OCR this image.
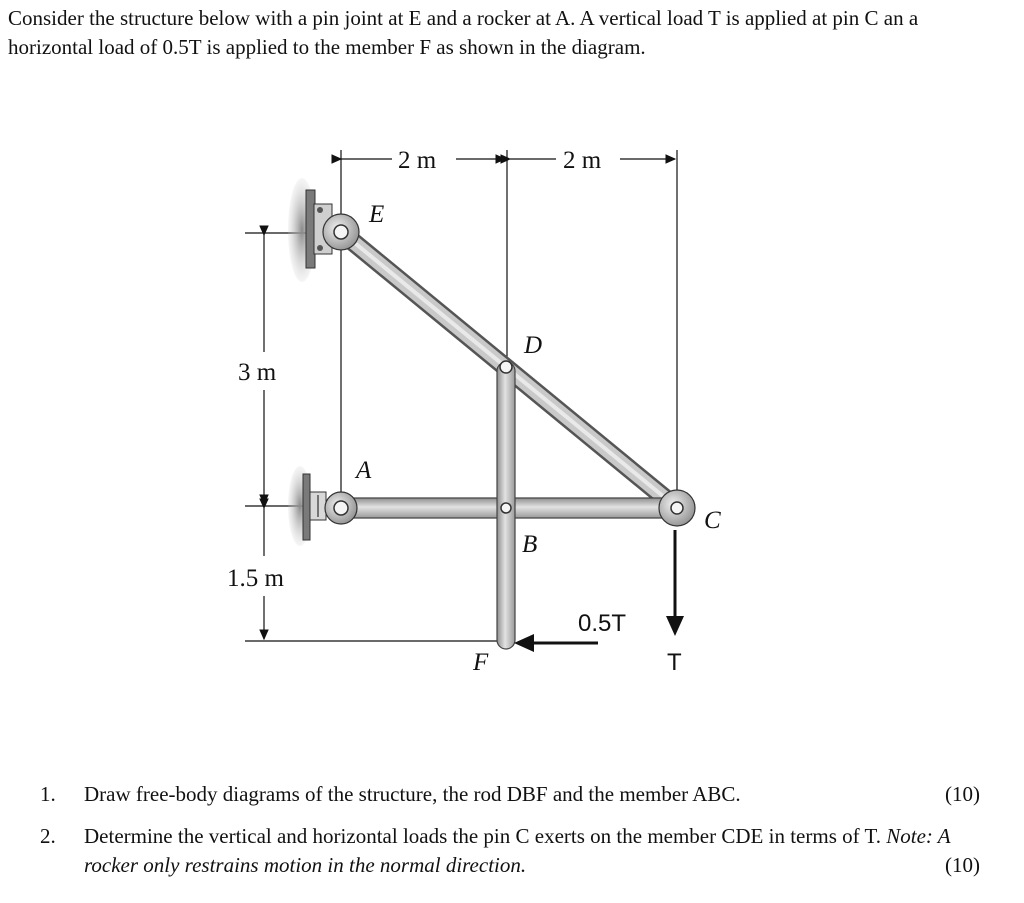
Consider the structure below with a pin joint at E and a rocker at A. A vertical load T is applied at pin C an a horizontal load of 0.5T is applied to the member F as shown in the diagram.

2 m	2 m
3 m
1.5 m
E
D
A
B
C
F
0.5T
T
1. Draw free-body diagrams of the structure, the rod DBF and the member ABC.	(10)
2. Determine the vertical and horizontal loads the pin C exerts on the member CDE in terms of T. Note: A rocker only restrains motion in the normal direction.	(10)
